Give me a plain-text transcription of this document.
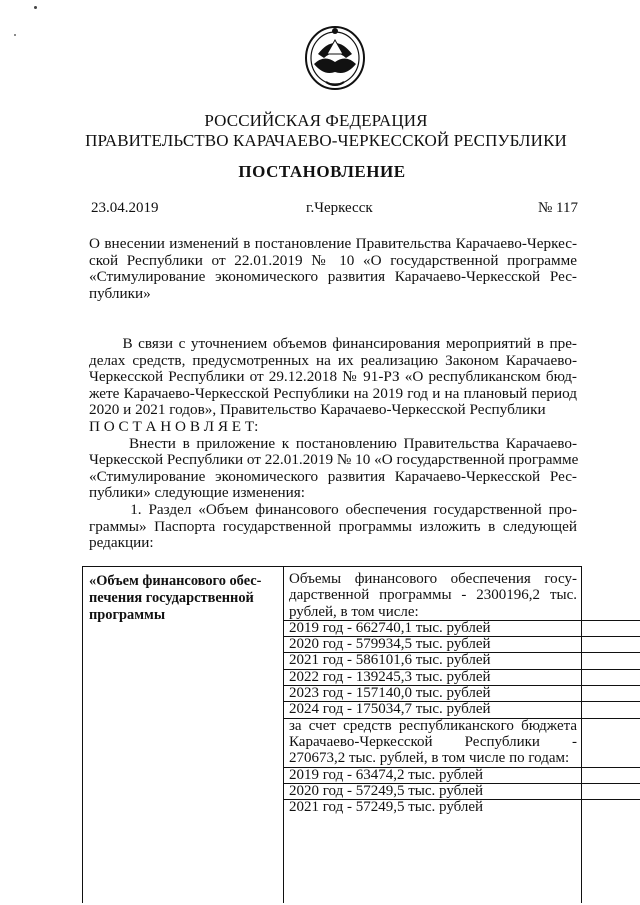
РОССИЙСКАЯ ФЕДЕРАЦИЯ
ПРАВИТЕЛЬСТВО КАРАЧАЕВО-ЧЕРКЕССКОЙ РЕСПУБЛИКИ
ПОСТАНОВЛЕНИЕ
23.04.2019	г.Черкесск	№ 117
О внесении изменений в постановление Правительства Карачаево-Черкес-
ской Республики от 22.01.2019 № 10 «О государственной программе
«Стимулирование экономического развития Карачаево-Черкесской Рес-
публики»
В связи с уточнением объемов финансирования мероприятий в пре-
делах средств, предусмотренных на их реализацию Законом Карачаево-
Черкесской Республики от 29.12.2018 № 91-РЗ «О республиканском бюд-
жете Карачаево-Черкесской Республики на 2019 год и на плановый период
2020 и 2021 годов», Правительство Карачаево-Черкесской Республики
П О С Т А Н О В Л Я Е Т:
Внести в приложение к постановлению Правительства Карачаево-
Черкесской Республики от 22.01.2019 № 10 «О государственной программе
«Стимулирование экономического развития Карачаево-Черкесской Рес-
публики» следующие изменения:
1. Раздел «Объем финансового обеспечения государственной про-
граммы» Паспорта государственной программы изложить в следующей
редакции:
«Объем финансового обес-
печения государственной
программы
Объемы финансового обеспечения госу-
дарственной программы - 2300196,2 тыс.
рублей, в том числе:
2019 год - 662740,1 тыс. рублей
2020 год - 579934,5 тыс. рублей
2021 год - 586101,6 тыс. рублей
2022 год - 139245,3 тыс. рублей
2023 год - 157140,0 тыс. рублей
2024 год - 175034,7 тыс. рублей
за счет средств республиканского бюджета
Карачаево-Черкесской Республики -
270673,2 тыс. рублей, в том числе по годам:
2019 год - 63474,2 тыс. рублей
2020 год - 57249,5 тыс. рублей
2021 год - 57249,5 тыс. рублей
